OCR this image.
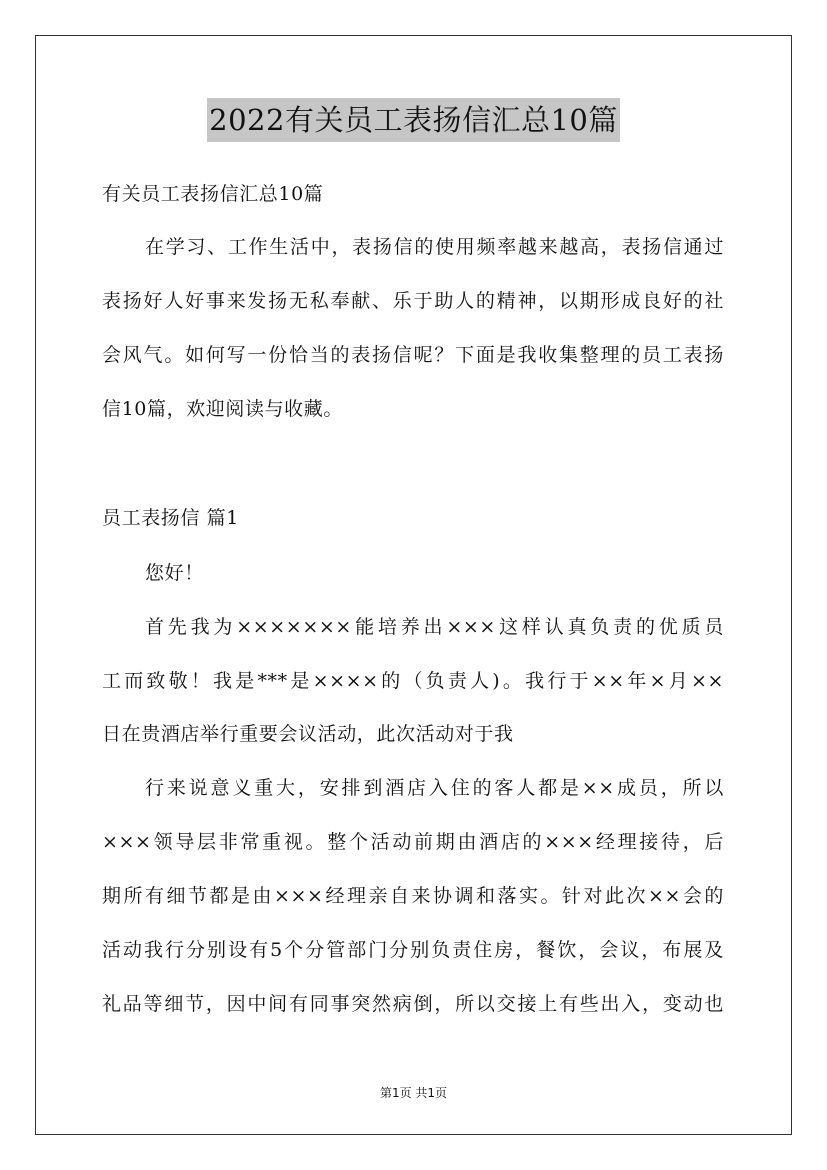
2022有关员工表扬信汇总10篇
有关员工表扬信汇总10篇
在学习、工作生活中，表扬信的使用频率越来越高，表扬信通过
表扬好人好事来发扬无私奉献、乐于助人的精神，以期形成良好的社
会风气。如何写一份恰当的表扬信呢？下面是我收集整理的员工表扬
信10篇，欢迎阅读与收藏。
员工表扬信 篇1
您好！
首先我为×××××××能培养出×××这样认真负责的优质员
工而致敬！我是***是××××的（负责人)。我行于××年×月××
日在贵酒店举行重要会议活动，此次活动对于我
行来说意义重大，安排到酒店入住的客人都是××成员，所以
×××领导层非常重视。整个活动前期由酒店的×××经理接待，后
期所有细节都是由×××经理亲自来协调和落实。针对此次××会的
活动我行分别设有5个分管部门分别负责住房，餐饮，会议，布展及
礼品等细节，因中间有同事突然病倒，所以交接上有些出入，变动也
第1页 共1页
